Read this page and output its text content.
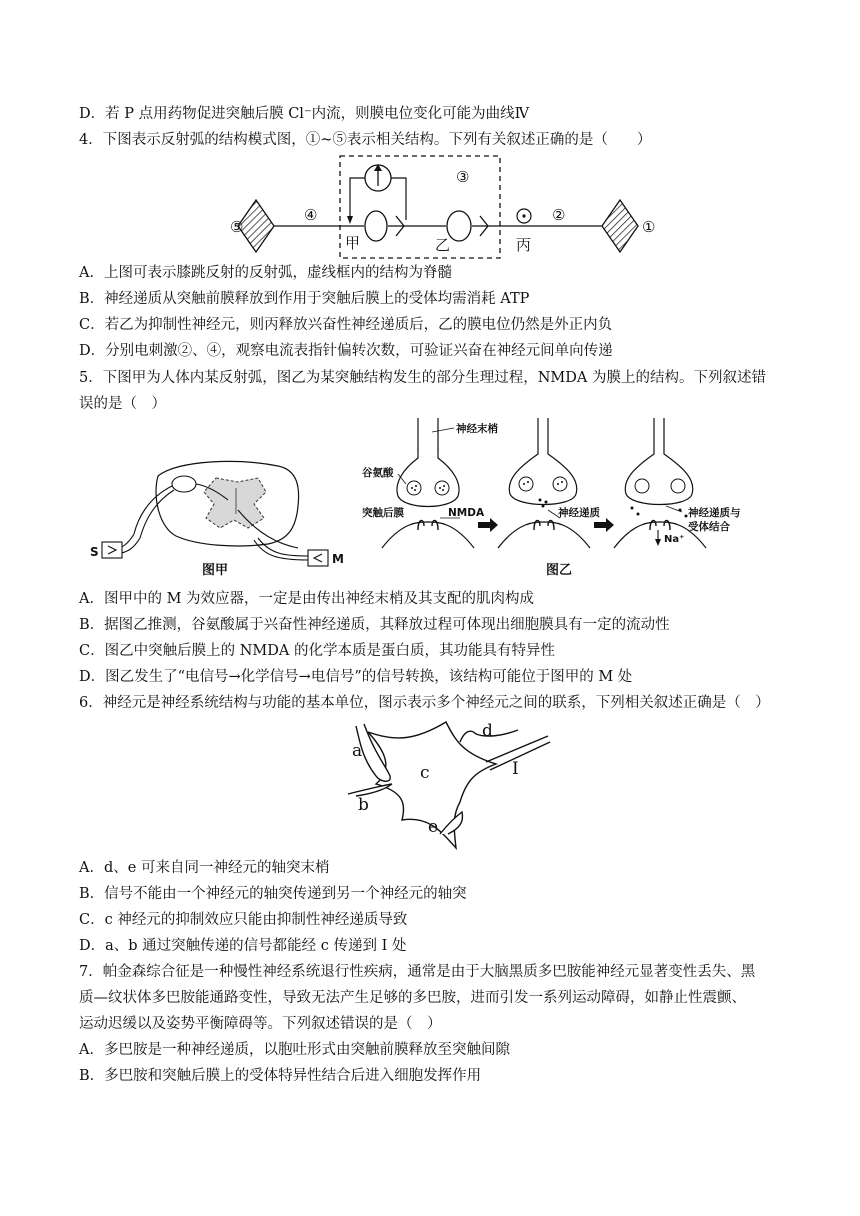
D．若 P 点用药物促进突触后膜 Cl⁻内流，则膜电位变化可能为曲线Ⅳ
4．下图表示反射弧的结构模式图，①~⑤表示相关结构。下列有关叙述正确的是（　　）
⑤
④
③
②
①
甲	乙	丙
A．上图可表示膝跳反射的反射弧，虚线框内的结构为脊髓
B．神经递质从突触前膜释放到作用于突触后膜上的受体均需消耗 ATP
C．若乙为抑制性神经元，则丙释放兴奋性神经递质后，乙的膜电位仍然是外正内负
D．分别电刺激②、④，观察电流表指针偏转次数，可验证兴奋在神经元间单向传递
5．下图甲为人体内某反射弧，图乙为某突触结构发生的部分生理过程，NMDA 为膜上的结构。下列叙述错
误的是（　）
S	M
图甲
神经末梢
谷氨酸
突触后膜	NMDA	神经递质	神经递质与
受体结合
Na⁺
图乙
A．图甲中的 M 为效应器，一定是由传出神经末梢及其支配的肌肉构成
B．据图乙推测，谷氨酸属于兴奋性神经递质，其释放过程可体现出细胞膜具有一定的流动性
C．图乙中突触后膜上的 NMDA 的化学本质是蛋白质，其功能具有特异性
D．图乙发生了“电信号→化学信号→电信号”的信号转换，该结构可能位于图甲的 M 处
6．神经元是神经系统结构与功能的基本单位，图示表示多个神经元之间的联系，下列相关叙述正确是（　）
a
b
c
d
e
I
A．d、e 可来自同一神经元的轴突末梢
B．信号不能由一个神经元的轴突传递到另一个神经元的轴突
C．c 神经元的抑制效应只能由抑制性神经递质导致
D．a、b 通过突触传递的信号都能经 c 传递到 I 处
7．帕金森综合征是一种慢性神经系统退行性疾病，通常是由于大脑黑质多巴胺能神经元显著变性丢失、黑
质—纹状体多巴胺能通路变性，导致无法产生足够的多巴胺，进而引发一系列运动障碍，如静止性震颤、
运动迟缓以及姿势平衡障碍等。下列叙述错误的是（　）
A．多巴胺是一种神经递质，以胞吐形式由突触前膜释放至突触间隙
B．多巴胺和突触后膜上的受体特异性结合后进入细胞发挥作用
